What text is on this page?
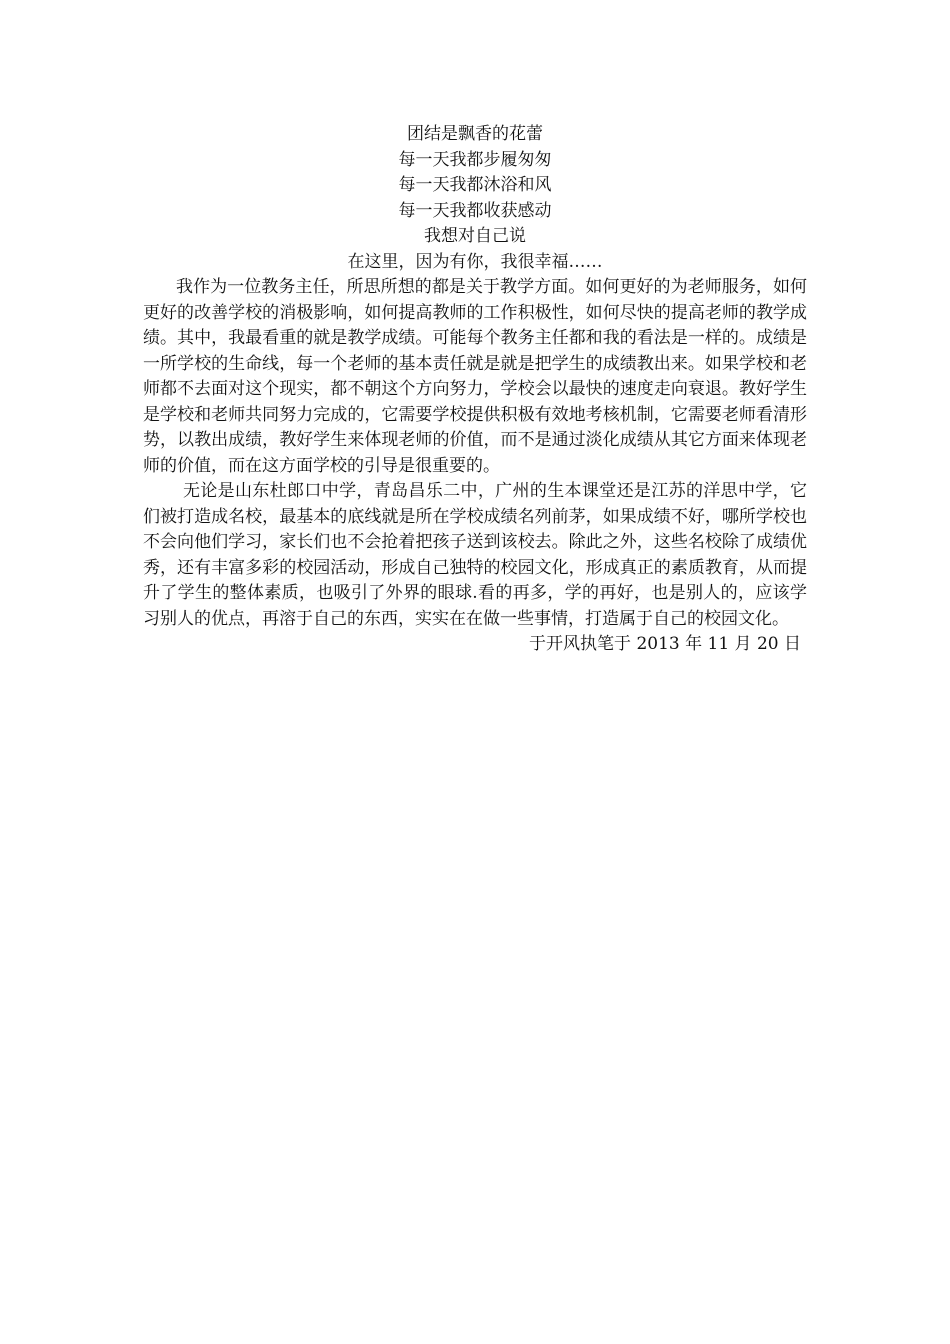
团结是飘香的花蕾
每一天我都步履匆匆
每一天我都沐浴和风
每一天我都收获感动
我想对自己说
在这里，因为有你，我很幸福……

我作为一位教务主任，所思所想的都是关于教学方面。如何更好的为老师服务，如何更好的改善学校的消极影响，如何提高教师的工作积极性，如何尽快的提高老师的教学成绩。其中，我最看重的就是教学成绩。可能每个教务主任都和我的看法是一样的。成绩是一所学校的生命线，每一个老师的基本责任就是就是把学生的成绩教出来。如果学校和老师都不去面对这个现实，都不朝这个方向努力，学校会以最快的速度走向衰退。教好学生是学校和老师共同努力完成的，它需要学校提供积极有效地考核机制，它需要老师看清形势，以教出成绩，教好学生来体现老师的价值，而不是通过淡化成绩从其它方面来体现老师的价值，而在这方面学校的引导是很重要的。

无论是山东杜郎口中学，青岛昌乐二中，广州的生本课堂还是江苏的洋思中学，它们被打造成名校，最基本的底线就是所在学校成绩名列前茅，如果成绩不好，哪所学校也不会向他们学习，家长们也不会抢着把孩子送到该校去。除此之外，这些名校除了成绩优秀，还有丰富多彩的校园活动，形成自己独特的校园文化，形成真正的素质教育，从而提升了学生的整体素质，也吸引了外界的眼球.看的再多，学的再好，也是别人的，应该学习别人的优点，再溶于自己的东西，实实在在做一些事情，打造属于自己的校园文化。

于开风执笔于 2013 年 11 月 20 日
